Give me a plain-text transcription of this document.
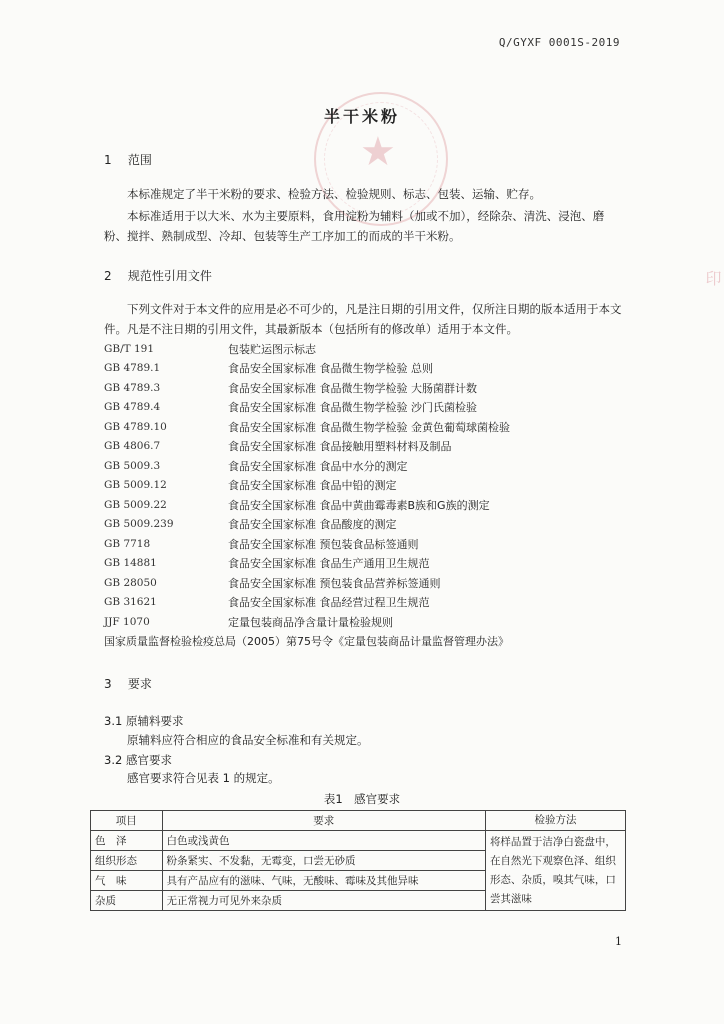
Q/GYXF 0001S-2019
★
印
半干米粉
1 范围
本标准规定了半干米粉的要求、检验方法、检验规则、标志、包装、运输、贮存。
本标准适用于以大米、水为主要原料，食用淀粉为辅料（加或不加），经除杂、清洗、浸泡、磨粉、搅拌、熟制成型、冷却、包装等生产工序加工的而成的半干米粉。
2 规范性引用文件
下列文件对于本文件的应用是必不可少的，凡是注日期的引用文件，仅所注日期的版本适用于本文件。凡是不注日期的引用文件，其最新版本（包括所有的修改单）适用于本文件。
GB/T 191	包装贮运图示标志
GB 4789.1	食品安全国家标准 食品微生物学检验 总则
GB 4789.3	食品安全国家标准 食品微生物学检验 大肠菌群计数
GB 4789.4	食品安全国家标准 食品微生物学检验 沙门氏菌检验
GB 4789.10	食品安全国家标准 食品微生物学检验 金黄色葡萄球菌检验
GB 4806.7	食品安全国家标准 食品接触用塑料材料及制品
GB 5009.3	食品安全国家标准 食品中水分的测定
GB 5009.12	食品安全国家标准 食品中铅的测定
GB 5009.22	食品安全国家标准 食品中黄曲霉毒素B族和G族的测定
GB 5009.239	食品安全国家标准 食品酸度的测定
GB 7718	食品安全国家标准 预包装食品标签通则
GB 14881	食品安全国家标准 食品生产通用卫生规范
GB 28050	食品安全国家标准 预包装食品营养标签通则
GB 31621	食品安全国家标准 食品经营过程卫生规范
JJF 1070	定量包装商品净含量计量检验规则
国家质量监督检验检疫总局（2005）第75号令《定量包装商品计量监督管理办法》
3 要求
3.1 原辅料要求
原辅料应符合相应的食品安全标准和有关规定。
3.2 感官要求
感官要求符合见表 1 的规定。
表1　感官要求
项目	要求	检验方法
色　泽	白色或浅黄色	将样品置于洁净白瓷盘中，在自然光下观察色泽、组织形态、杂质，嗅其气味，口尝其滋味
组织形态	粉条紧实、不发黏，无霉变，口尝无砂质	
气　味	具有产品应有的滋味、气味，无酸味、霉味及其他异味	
杂质	无正常视力可见外来杂质	
1
